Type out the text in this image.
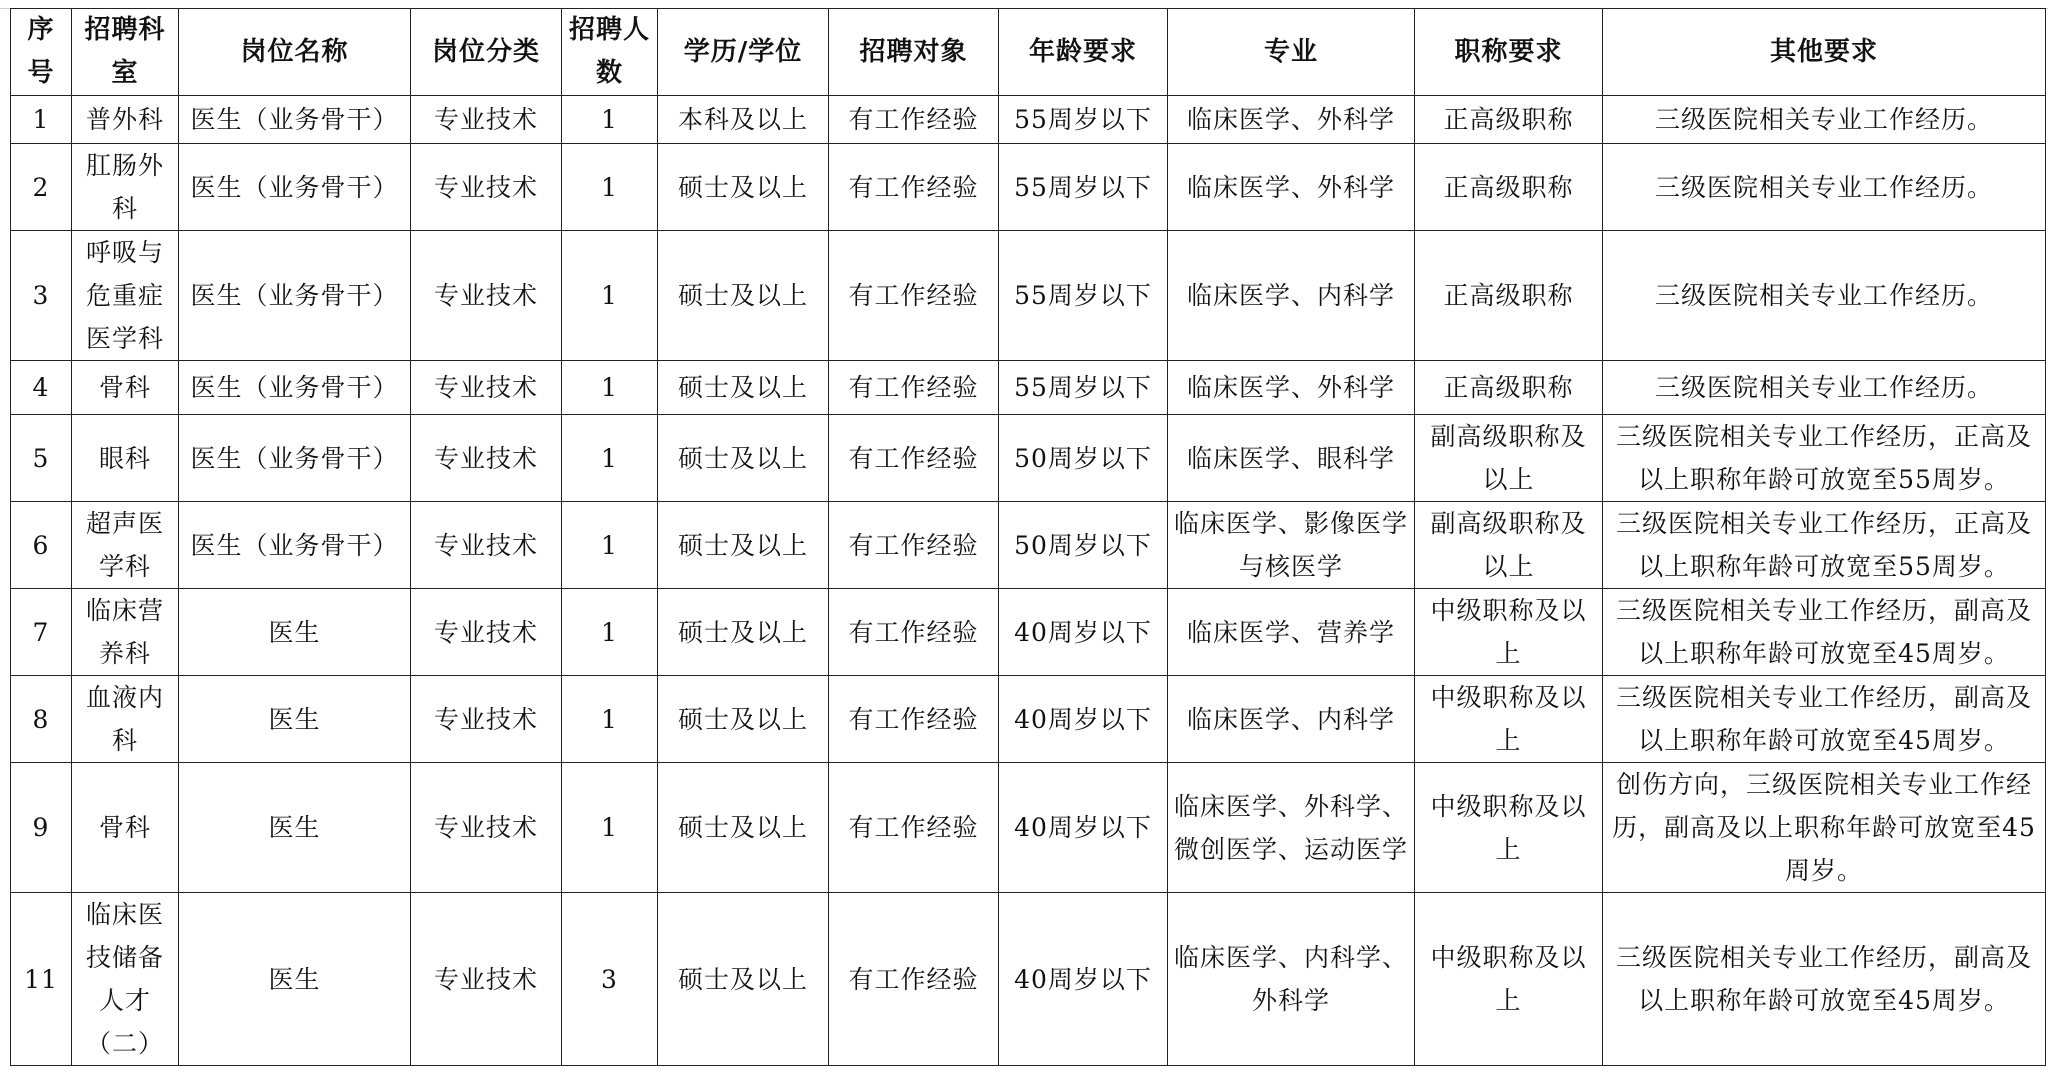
序号	招聘科室	岗位名称	岗位分类	招聘人数	学历/学位	招聘对象	年龄要求	专业	职称要求	其他要求
1	普外科	医生（业务骨干）	专业技术	1	本科及以上	有工作经验	55周岁以下	临床医学、外科学	正高级职称	三级医院相关专业工作经历。
2	肛肠外科	医生（业务骨干）	专业技术	1	硕士及以上	有工作经验	55周岁以下	临床医学、外科学	正高级职称	三级医院相关专业工作经历。
3	呼吸与危重症医学科	医生（业务骨干）	专业技术	1	硕士及以上	有工作经验	55周岁以下	临床医学、内科学	正高级职称	三级医院相关专业工作经历。
4	骨科	医生（业务骨干）	专业技术	1	硕士及以上	有工作经验	55周岁以下	临床医学、外科学	正高级职称	三级医院相关专业工作经历。
5	眼科	医生（业务骨干）	专业技术	1	硕士及以上	有工作经验	50周岁以下	临床医学、眼科学	副高级职称及以上	三级医院相关专业工作经历，正高及以上职称年龄可放宽至55周岁。
6	超声医学科	医生（业务骨干）	专业技术	1	硕士及以上	有工作经验	50周岁以下	临床医学、影像医学与核医学	副高级职称及以上	三级医院相关专业工作经历，正高及以上职称年龄可放宽至55周岁。
7	临床营养科	医生	专业技术	1	硕士及以上	有工作经验	40周岁以下	临床医学、营养学	中级职称及以上	三级医院相关专业工作经历，副高及以上职称年龄可放宽至45周岁。
8	血液内科	医生	专业技术	1	硕士及以上	有工作经验	40周岁以下	临床医学、内科学	中级职称及以上	三级医院相关专业工作经历，副高及以上职称年龄可放宽至45周岁。
9	骨科	医生	专业技术	1	硕士及以上	有工作经验	40周岁以下	临床医学、外科学、微创医学、运动医学	中级职称及以上	创伤方向，三级医院相关专业工作经历，副高及以上职称年龄可放宽至45周岁。
11	临床医技储备人才（二）	医生	专业技术	3	硕士及以上	有工作经验	40周岁以下	临床医学、内科学、外科学	中级职称及以上	三级医院相关专业工作经历，副高及以上职称年龄可放宽至45周岁。
